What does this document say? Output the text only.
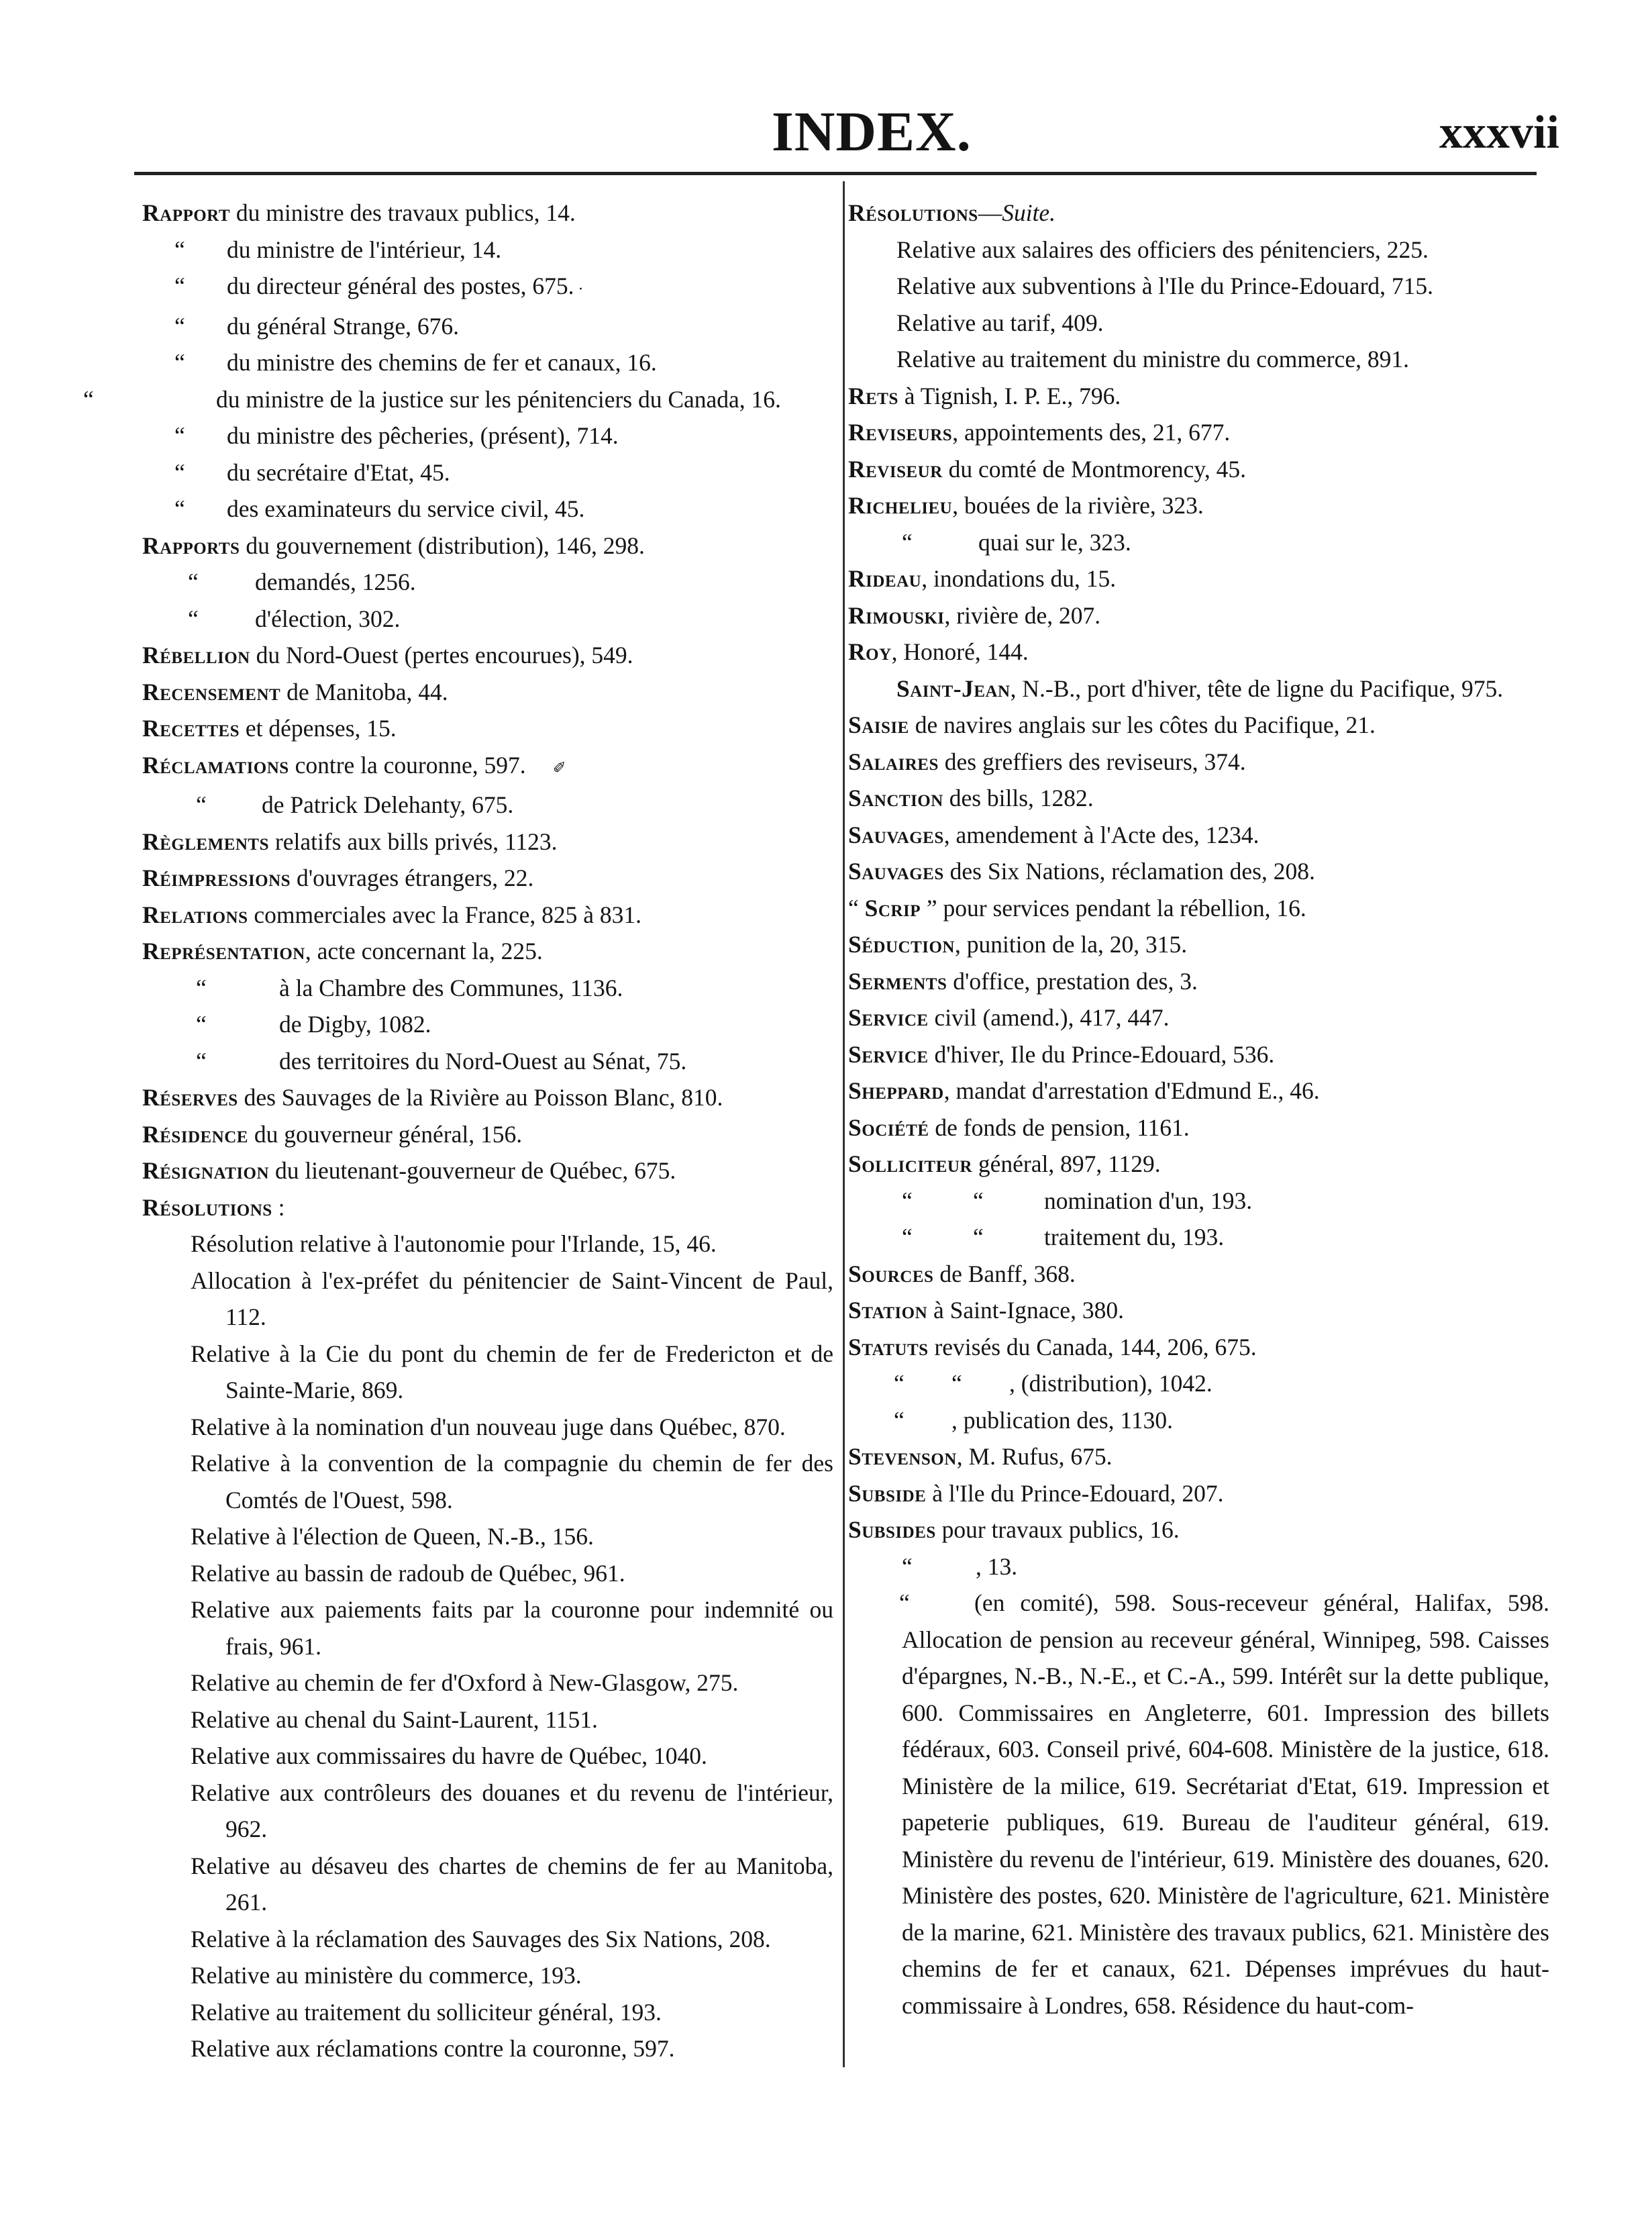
INDEX.	xxxvii
Rapport du ministre des travaux publics, 14.
“ du ministre de l'intérieur, 14.
“ du directeur général des postes, 675. ·
“ du général Strange, 676.
“ du ministre des chemins de fer et canaux, 16.
“	du ministre de la justice sur les pénitenciers du Canada, 16.
“ du ministre des pêcheries, (présent), 714.
“ du secrétaire d'Etat, 45.
“ des examinateurs du service civil, 45.
Rapports du gouvernement (distribution), 146, 298.
“ demandés, 1256.
“ d'élection, 302.
Rébellion du Nord-Ouest (pertes encourues), 549.
Recensement de Manitoba, 44.
Recettes et dépenses, 15.
Réclamations contre la couronne, 597. ✐
“ de Patrick Delehanty, 675.
Règlements relatifs aux bills privés, 1123.
Réimpressions d'ouvrages étrangers, 22.
Relations commerciales avec la France, 825 à 831.
Représentation, acte concernant la, 225.
“	à la Chambre des Communes, 1136.
“	de Digby, 1082.
“	des territoires du Nord-Ouest au Sénat, 75.
Réserves des Sauvages de la Rivière au Poisson Blanc, 810.
Résidence du gouverneur général, 156.
Résignation du lieutenant-gouverneur de Québec, 675.
Résolutions :
Résolution relative à l'autonomie pour l'Irlande, 15, 46.
Allocation à l'ex-préfet du pénitencier de Saint-Vincent de Paul, 112.
Relative à la Cie du pont du chemin de fer de Fredericton et de Sainte-Marie, 869.
Relative à la nomination d'un nouveau juge dans Québec, 870.
Relative à la convention de la compagnie du chemin de fer des Comtés de l'Ouest, 598.
Relative à l'élection de Queen, N.-B., 156.
Relative au bassin de radoub de Québec, 961.
Relative aux paiements faits par la couronne pour indemnité ou frais, 961.
Relative au chemin de fer d'Oxford à New-Glasgow, 275.
Relative au chenal du Saint-Laurent, 1151.
Relative aux commissaires du havre de Québec, 1040.
Relative aux contrôleurs des douanes et du revenu de l'intérieur, 962.
Relative au désaveu des chartes de chemins de fer au Manitoba, 261.
Relative à la réclamation des Sauvages des Six Nations, 208.
Relative au ministère du commerce, 193.
Relative au traitement du solliciteur général, 193.
Relative aux réclamations contre la couronne, 597.
Résolutions—Suite.
Relative aux salaires des officiers des pénitenciers, 225.
Relative aux subventions à l'Ile du Prince-Edouard, 715.
Relative au tarif, 409.
Relative au traitement du ministre du commerce, 891.
Rets à Tignish, I. P. E., 796.
Reviseurs, appointements des, 21, 677.
Reviseur du comté de Montmorency, 45.
Richelieu, bouées de la rivière, 323.
“	quai sur le, 323.
Rideau, inondations du, 15.
Rimouski, rivière de, 207.
Roy, Honoré, 144.
Saint-Jean, N.-B., port d'hiver, tête de ligne du Pacifique, 975.
Saisie de navires anglais sur les côtes du Pacifique, 21.
Salaires des greffiers des reviseurs, 374.
Sanction des bills, 1282.
Sauvages, amendement à l'Acte des, 1234.
Sauvages des Six Nations, réclamation des, 208.
“ Scrip ” pour services pendant la rébellion, 16.
Séduction, punition de la, 20, 315.
Serments d'office, prestation des, 3.
Service civil (amend.), 417, 447.
Service d'hiver, Ile du Prince-Edouard, 536.
Sheppard, mandat d'arrestation d'Edmund E., 46.
Société de fonds de pension, 1161.
Solliciteur général, 897, 1129.
“	“	nomination d'un, 193.
“	“	traitement du, 193.
Sources de Banff, 368.
Station à Saint-Ignace, 380.
Statuts revisés du Canada, 144, 206, 675.
“ “ , (distribution), 1042.
“ , publication des, 1130.
Stevenson, M. Rufus, 675.
Subside à l'Ile du Prince-Edouard, 207.
Subsides pour travaux publics, 16.
“	, 13.
“	(en comité), 598. Sous-receveur général, Halifax, 598. Allocation de pension au receveur général, Winnipeg, 598. Caisses d'épargnes, N.-B., N.-E., et C.-A., 599. Intérêt sur la dette publique, 600. Commissaires en Angleterre, 601. Impression des billets fédéraux, 603. Conseil privé, 604-608. Ministère de la justice, 618. Ministère de la milice, 619. Secrétariat d'Etat, 619. Impression et papeterie publiques, 619. Bureau de l'auditeur général, 619. Ministère du revenu de l'intérieur, 619. Ministère des douanes, 620. Ministère des postes, 620. Ministère de l'agriculture, 621. Ministère de la marine, 621. Ministère des travaux publics, 621. Ministère des chemins de fer et canaux, 621. Dépenses imprévues du haut-commissaire à Londres, 658. Résidence du haut-com-
